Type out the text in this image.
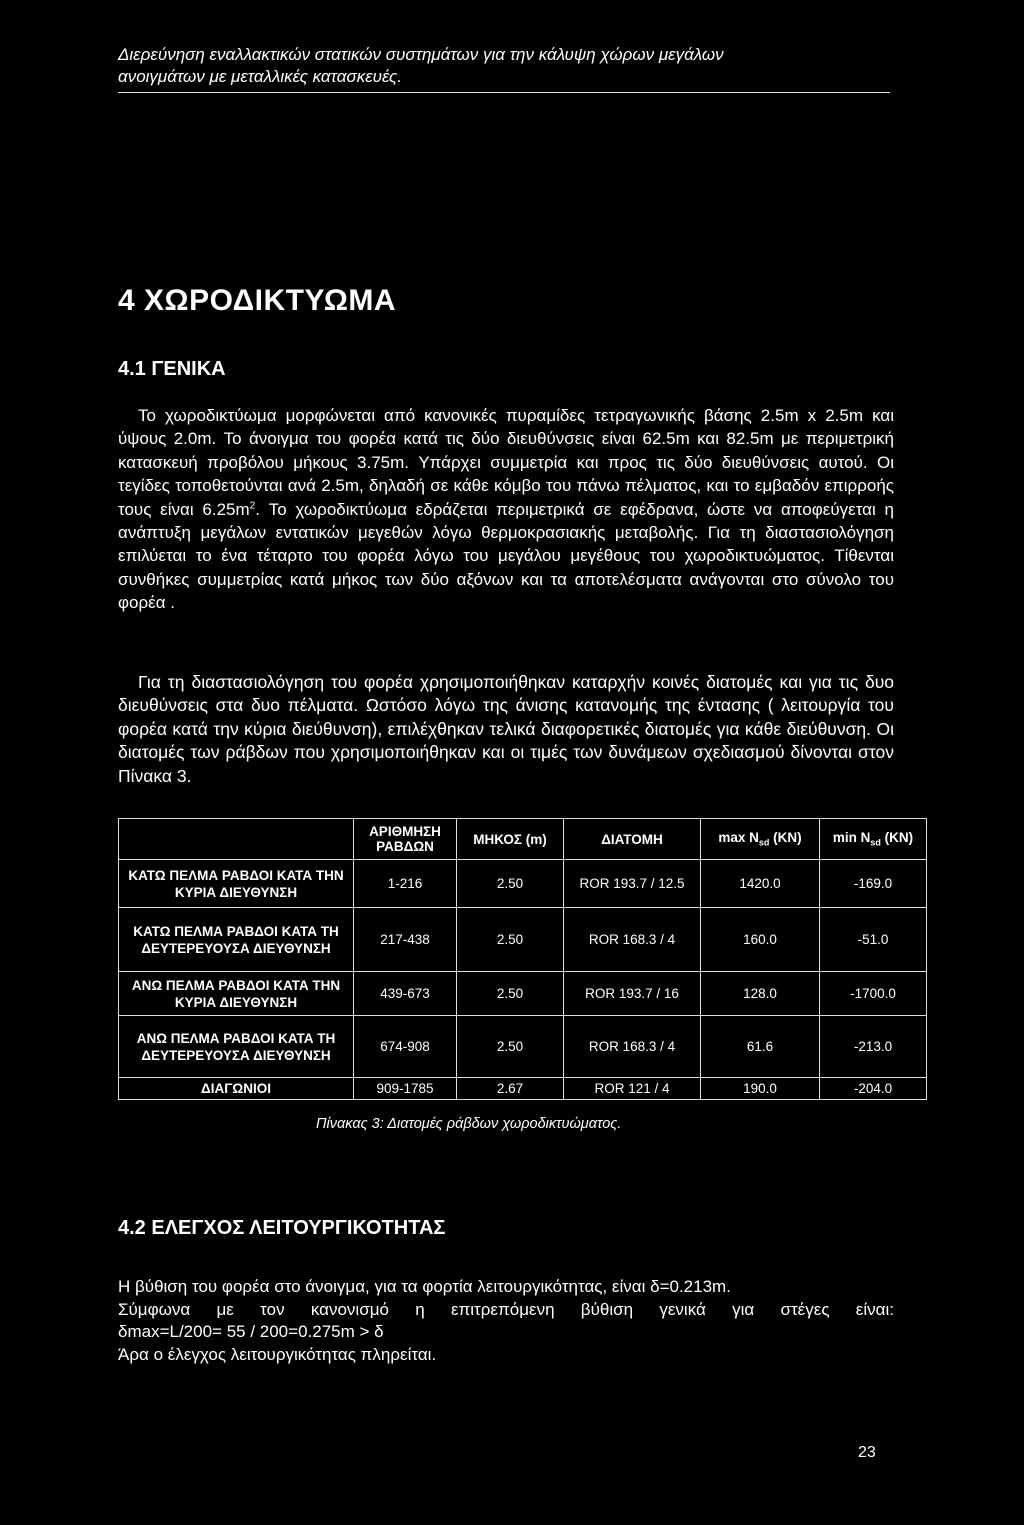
Διερεύνηση εναλλακτικών στατικών συστημάτων για την κάλυψη χώρων μεγάλων
ανοιγμάτων με μεταλλικές κατασκευές.
4 ΧΩΡΟΔΙΚΤΥΩΜΑ
4.1 ΓΕΝΙΚΑ
Το χωροδικτύωμα μορφώνεται από κανονικές πυραμίδες τετραγωνικής βάσης 2.5m x 2.5m και ύψους 2.0m. Το άνοιγμα του φορέα κατά τις δύο διευθύνσεις είναι 62.5m και 82.5m με περιμετρική κατασκευή προβόλου μήκους 3.75m. Υπάρχει συμμετρία και προς τις δύο διευθύνσεις αυτού. Οι τεγίδες τοποθετούνται ανά 2.5m, δηλαδή σε κάθε κόμβο του πάνω πέλματος, και το εμβαδόν επιρροής τους είναι $6.25m^2$. Το χωροδικτύωμα εδράζεται περιμετρικά σε εφέδρανα, ώστε να αποφεύγεται η ανάπτυξη μεγάλων εντατικών μεγεθών λόγω θερμοκρασιακής μεταβολής. Για τη διαστασιολόγηση επιλύεται το ένα τέταρτο του φορέα λόγω του μεγάλου μεγέθους του χωροδικτυώματος. Τίθενται συνθήκες συμμετρίας κατά μήκος των δύο αξόνων και τα αποτελέσματα ανάγονται στο σύνολο του φορέα .
Για τη διαστασιολόγηση του φορέα χρησιμοποιήθηκαν καταρχήν κοινές διατομές και για τις δυο διευθύνσεις στα δυο πέλματα. Ωστόσο λόγω της άνισης κατανομής της έντασης ( λειτουργία του φορέα κατά την κύρια διεύθυνση), επιλέχθηκαν τελικά διαφορετικές διατομές για κάθε διεύθυνση. Οι διατομές των ράβδων που χρησιμοποιήθηκαν και οι τιμές των δυνάμεων σχεδιασμού δίνονται στον Πίνακα 3.
	ΑΡΙΘΜΗΣΗ ΡΑΒΔΩΝ	ΜΗΚΟΣ (m)	ΔΙΑΤΟΜΗ	$\max N_{sd}$ (KN)	$\min N_{sd}$ (KN)
ΚΑΤΩ ΠΕΛΜΑ ΡΑΒΔΟΙ ΚΑΤΑ ΤΗΝ ΚΥΡΙΑ ΔΙΕΥΘΥΝΣΗ	1-216	2.50	ROR 193.7 / 12.5	1420.0	-169.0
ΚΑΤΩ ΠΕΛΜΑ ΡΑΒΔΟΙ ΚΑΤΑ ΤΗ ΔΕΥΤΕΡΕΥΟΥΣΑ ΔΙΕΥΘΥΝΣΗ	217-438	2.50	ROR 168.3 / 4	160.0	-51.0
ΑΝΩ ΠΕΛΜΑ ΡΑΒΔΟΙ ΚΑΤΑ ΤΗΝ ΚΥΡΙΑ ΔΙΕΥΘΥΝΣΗ	439-673	2.50	ROR 193.7 / 16	128.0	-1700.0
ΑΝΩ ΠΕΛΜΑ ΡΑΒΔΟΙ ΚΑΤΑ ΤΗ ΔΕΥΤΕΡΕΥΟΥΣΑ ΔΙΕΥΘΥΝΣΗ	674-908	2.50	ROR 168.3 / 4	61.6	-213.0
ΔΙΑΓΩΝΙΟΙ	909-1785	2.67	ROR 121 / 4	190.0	-204.0
Πίνακας 3: Διατομές ράβδων χωροδικτυώματος.
4.2 ΕΛΕΓΧΟΣ ΛΕΙΤΟΥΡΓΙΚΟΤΗΤΑΣ
Η βύθιση του φορέα στο άνοιγμα, για τα φορτία λειτουργικότητας, είναι δ=0.213m.
Σύμφωνα με τον κανονισμό η επιτρεπόμενη βύθιση γενικά για στέγες είναι:
δmax=L/200= 55 / 200=0.275m > δ
Άρα ο έλεγχος λειτουργικότητας πληρείται.
23
